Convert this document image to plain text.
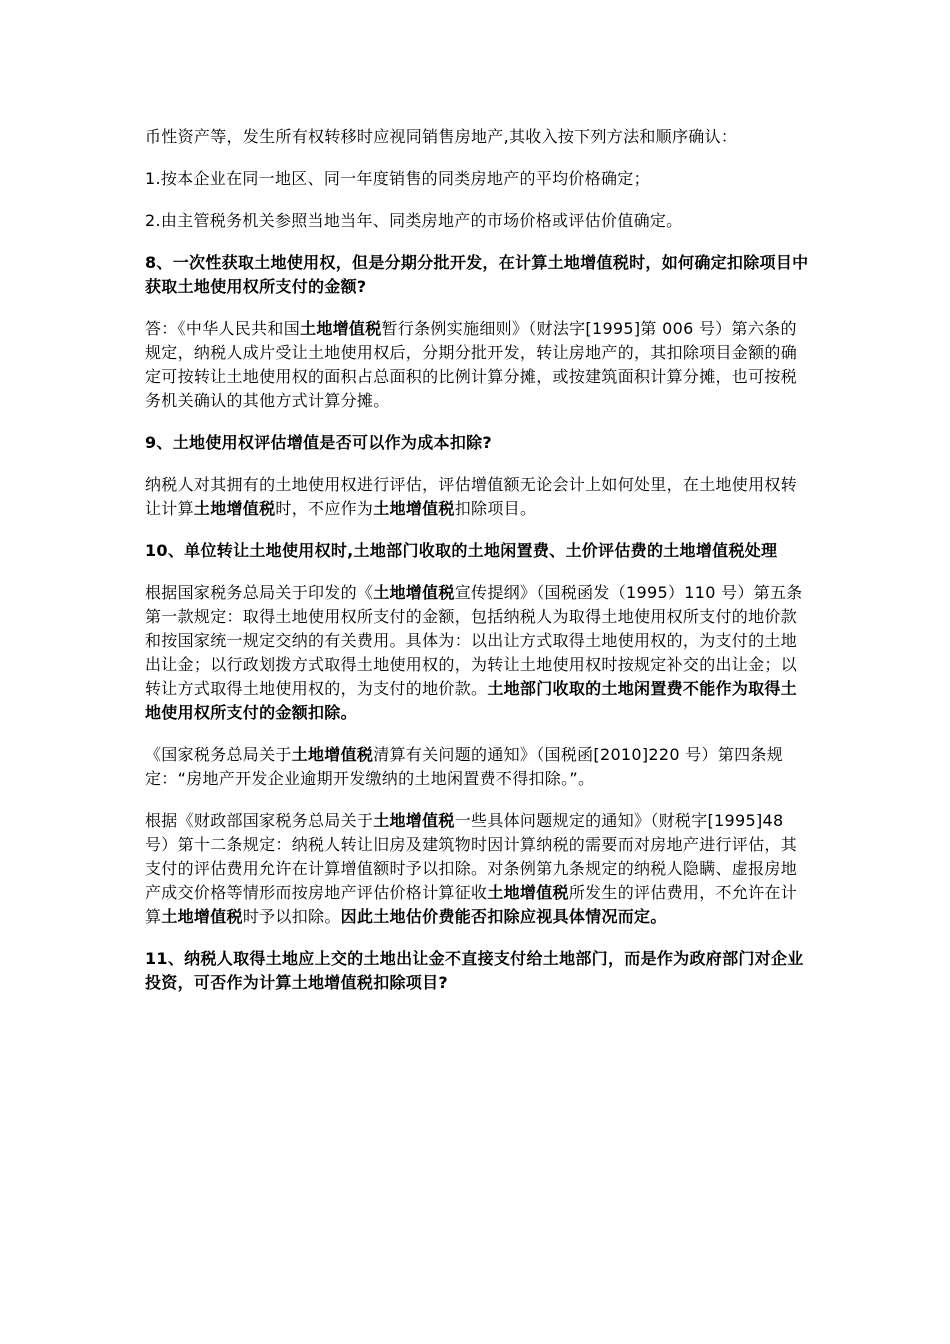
币性资产等，发生所有权转移时应视同销售房地产,其收入按下列方法和顺序确认：

1.按本企业在同一地区、同一年度销售的同类房地产的平均价格确定；

2.由主管税务机关参照当地当年、同类房地产的市场价格或评估价值确定。

8、一次性获取土地使用权，但是分期分批开发，在计算土地增值税时，如何确定扣除项目中获取土地使用权所支付的金额?

答：《中华人民共和国土地增值税暂行条例实施细则》（财法字[1995]第 006 号）第六条的规定，纳税人成片受让土地使用权后，分期分批开发，转让房地产的，其扣除项目金额的确定可按转让土地使用权的面积占总面积的比例计算分摊，或按建筑面积计算分摊，也可按税务机关确认的其他方式计算分摊。

9、土地使用权评估增值是否可以作为成本扣除?

纳税人对其拥有的土地使用权进行评估，评估增值额无论会计上如何处里，在土地使用权转让计算土地增值税时，不应作为土地增值税扣除项目。

10、单位转让土地使用权时,土地部门收取的土地闲置费、土价评估费的土地增值税处理

根据国家税务总局关于印发的《土地增值税宣传提纲》（国税函发（1995）110 号）第五条第一款规定：取得土地使用权所支付的金额，包括纳税人为取得土地使用权所支付的地价款和按国家统一规定交纳的有关费用。具体为：以出让方式取得土地使用权的，为支付的土地出让金；以行政划拨方式取得土地使用权的，为转让土地使用权时按规定补交的出让金；以转让方式取得土地使用权的，为支付的地价款。土地部门收取的土地闲置费不能作为取得土地使用权所支付的金额扣除。

《国家税务总局关于土地增值税清算有关问题的通知》（国税函[2010]220 号）第四条规定：“房地产开发企业逾期开发缴纳的土地闲置费不得扣除。”。

根据《财政部国家税务总局关于土地增值税一些具体问题规定的通知》（财税字[1995]48 号）第十二条规定：纳税人转让旧房及建筑物时因计算纳税的需要而对房地产进行评估，其支付的评估费用允许在计算增值额时予以扣除。对条例第九条规定的纳税人隐瞒、虚报房地产成交价格等情形而按房地产评估价格计算征收土地增值税所发生的评估费用，不允许在计算土地增值税时予以扣除。因此土地估价费能否扣除应视具体情况而定。

11、纳税人取得土地应上交的土地出让金不直接支付给土地部门，而是作为政府部门对企业投资，可否作为计算土地增值税扣除项目?
